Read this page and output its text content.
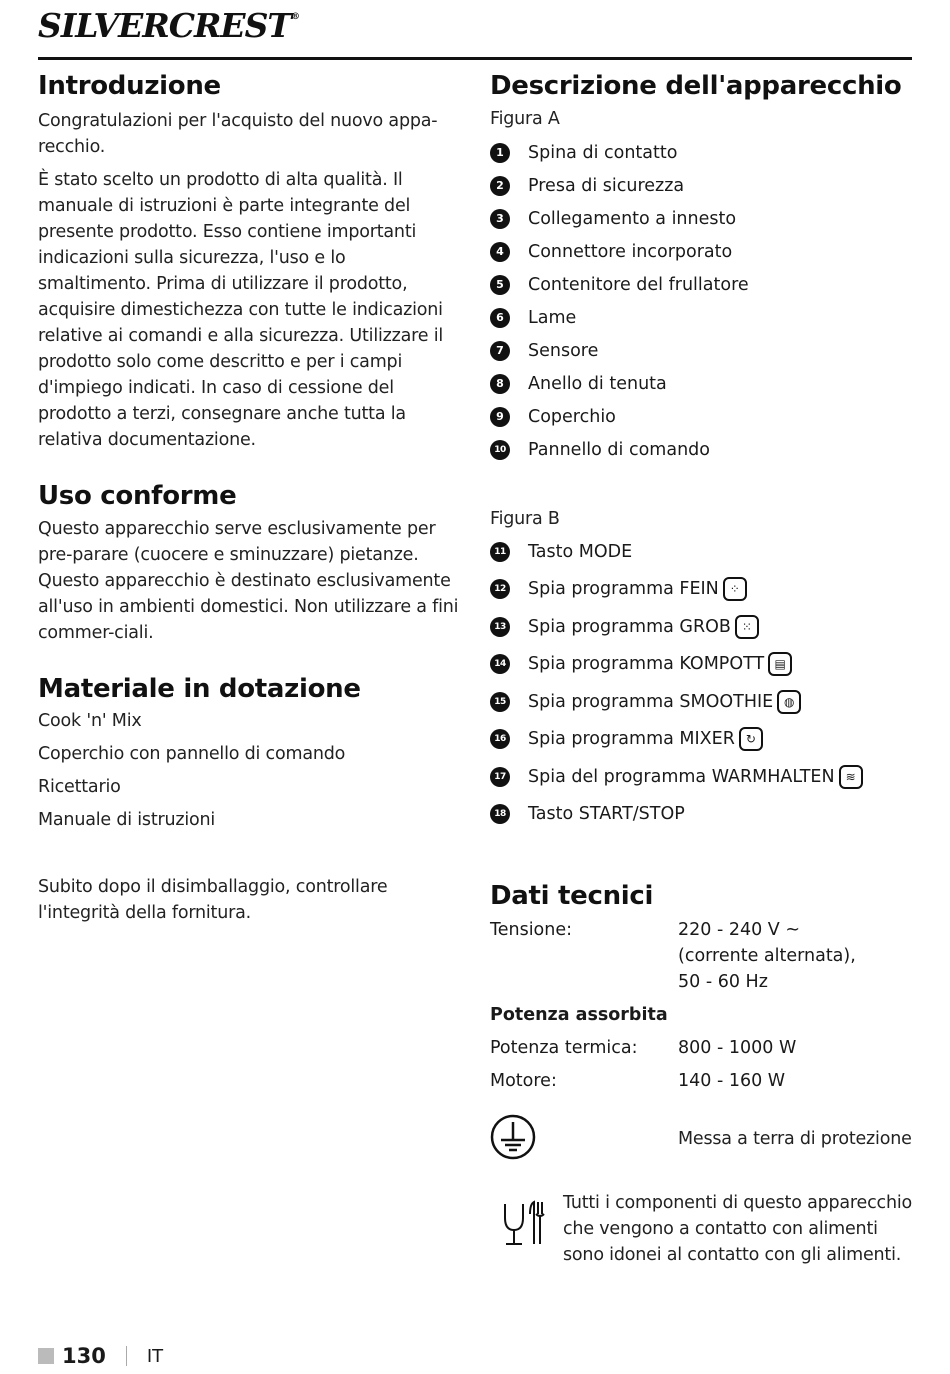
SILVERCREST®
Introduzione

Congratulazioni per l'acquisto del nuovo appa-recchio.

È stato scelto un prodotto di alta qualità. Il manuale di istruzioni è parte integrante del presente prodotto. Esso contiene importanti indicazioni sulla sicurezza, l'uso e lo smaltimento. Prima di utilizzare il prodotto, acquisire dimestichezza con tutte le indicazioni relative ai comandi e alla sicurezza. Utilizzare il prodotto solo come descritto e per i campi d'impiego indicati. In caso di cessione del prodotto a terzi, consegnare anche tutta la relativa documentazione.

Uso conforme

Questo apparecchio serve esclusivamente per pre-parare (cuocere e sminuzzare) pietanze. Questo apparecchio è destinato esclusivamente all'uso in ambienti domestici. Non utilizzare a fini commer-ciali.

Materiale in dotazione
Cook 'n' Mix
Coperchio con pannello di comando
Ricettario
Manuale di istruzioni

Subito dopo il disimballaggio, controllare l'integrità della fornitura.

Descrizione dell'apparecchio
Figura A
1	Spina di contatto
2	Presa di sicurezza
3	Collegamento a innesto
4	Connettore incorporato
5	Contenitore del frullatore
6	Lame
7	Sensore
8	Anello di tenuta
9	Coperchio
10 Pannello di comando
Figura B
11 Tasto MODE
12 Spia programma FEIN ⁘
13 Spia programma GROB ⁙
14 Spia programma KOMPOTT ▤
15 Spia programma SMOOTHIE ◍
16 Spia programma MIXER ↻
17 Spia del programma WARMHALTEN ≋
18 Tasto START/STOP
Dati tecnici
Tensione:	220 - 240 V ~
(corrente alternata),
50 - 60 Hz
Potenza assorbita
Potenza termica:	800 - 1000 W
Motore:	140 - 160 W
Messa a terra di protezione

Tutti i componenti di questo apparecchio che vengono a contatto con alimenti sono idonei al contatto con gli alimenti.

130 IT
